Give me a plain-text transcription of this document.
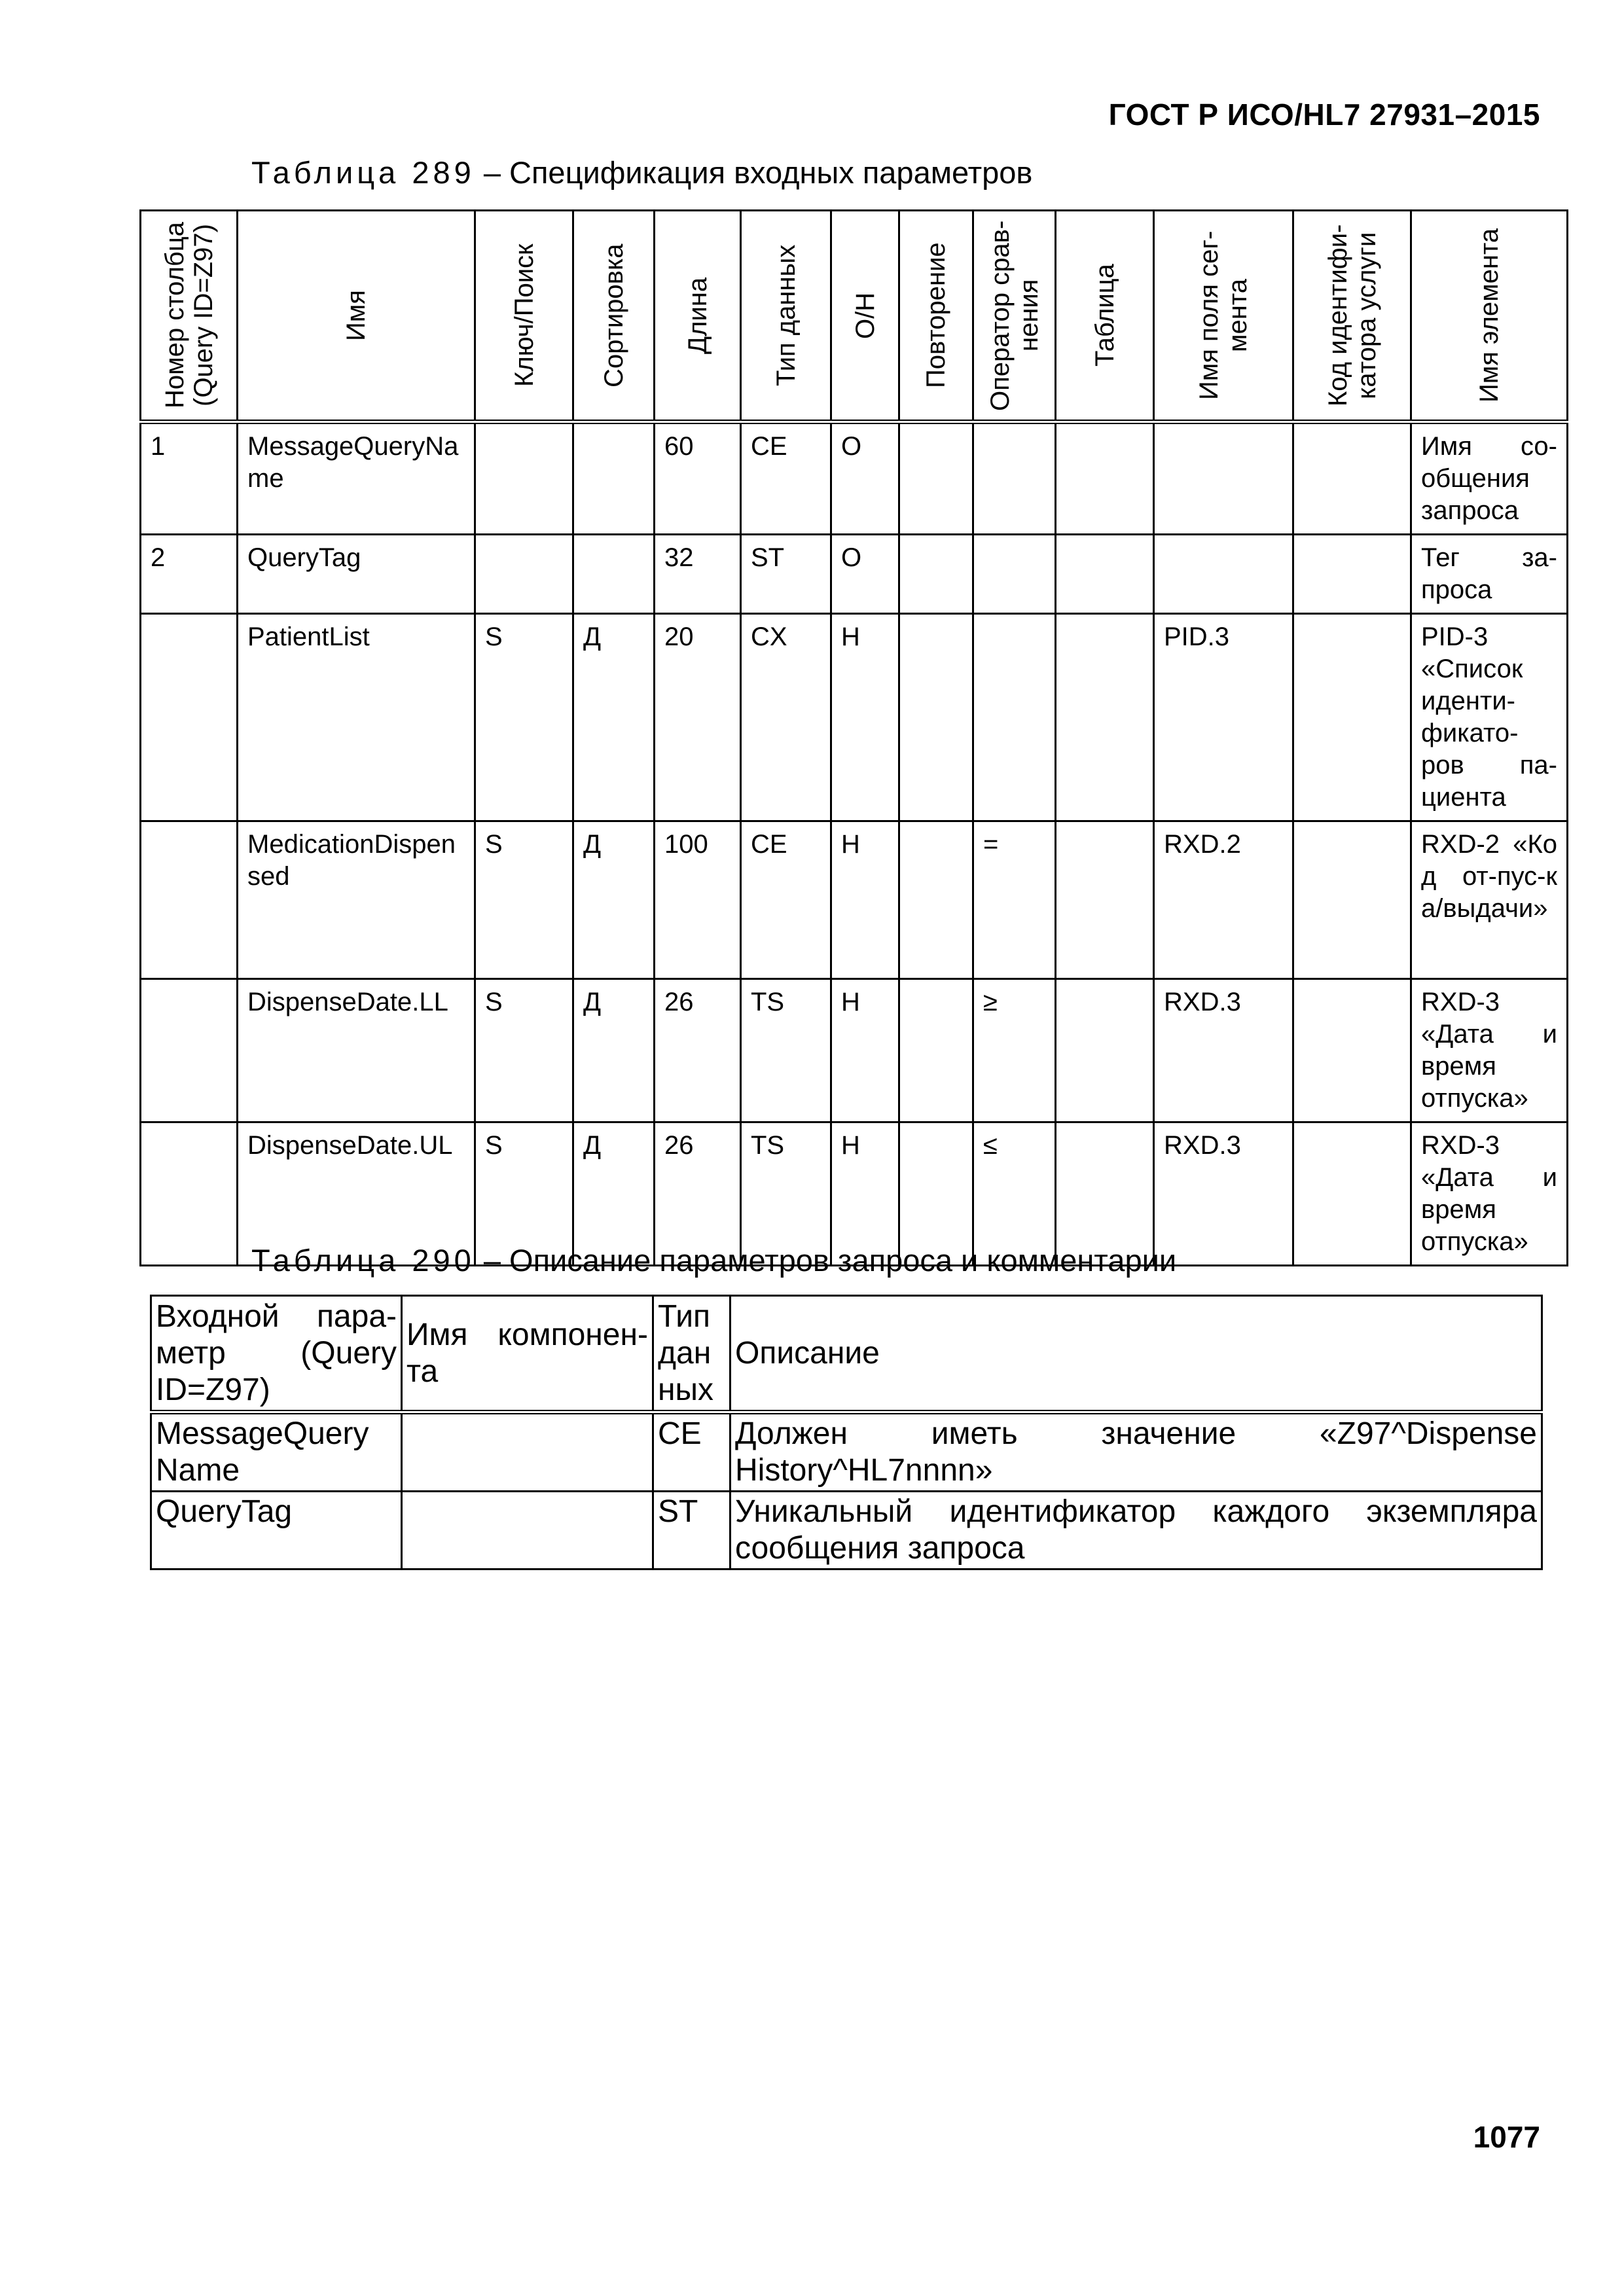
ГОСТ Р ИСО/HL7 27931–2015
Таблица 289 – Спецификация входных параметров
Номер столбца (Query ID=Z97)	Имя	Ключ/Поиск	Сортировка	Длина	Тип данных	О/Н	Повторение	Оператор срав-нения	Таблица	Имя поля сег-мента	Код идентифи-катора услуги	Имя элемента

1	MessageQueryName			60	CE	O						Имя со-общения запроса
2	QueryTag			32	ST	O						Тег за-проса
	PatientList	S	Д	20	CX	Н				PID.3		PID-3 «Список иденти-фикато-ров па-циента
	MedicationDispensed	S	Д	100	CE	Н		=		RXD.2		RXD-2 «Код от-пус-ка/выдачи»
	DispenseDate.LL	S	Д	26	TS	Н		≥		RXD.3		RXD-3 «Дата и время отпуска»
	DispenseDate.UL	S	Д	26	TS	Н		≤		RXD.3		RXD-3 «Дата и время отпуска»
Таблица 290 – Описание параметров запроса и комментарии
Входной пара-метр (Query ID=Z97)	Имя компонен-та	Тип дан ных	Описание
MessageQuery Name		CE	Должен иметь значение «Z97^Dispense History^HL7nnnn»
QueryTag		ST	Уникальный идентификатор каждого экземпляра сообщения запроса
1077
